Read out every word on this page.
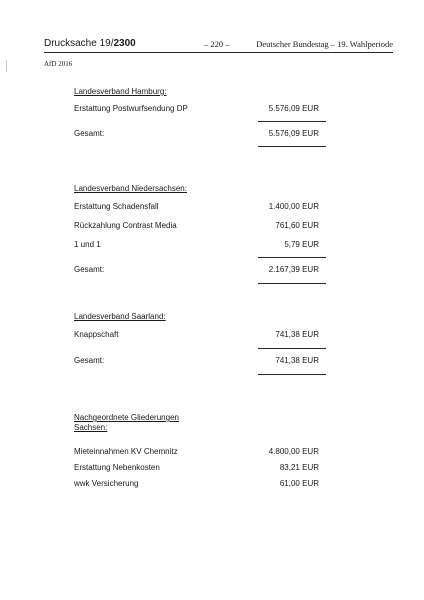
Drucksache 19/2300	– 220 –	Deutscher Bundestag – 19. Wahlperiode
AfD 2016
Landesverband Hamburg:
Erstattung Postwurfsendung DP	5.576,09 EUR
Gesamt:	5.576,09 EUR
Landesverband Niedersachsen:
Erstattung Schadensfall	1.400,00 EUR
Rückzahlung Contrast Media	761,60 EUR
1 und 1	5,79 EUR
Gesamt:	2.167,39 EUR
Landesverband Saarland:
Knappschaft	741,38 EUR
Gesamt:	741,38 EUR
Nachgeordnete Gliederungen
Sachsen:
Mieteinnahmen KV Chemnitz	4.800,00 EUR
Erstattung Nebenkosten	83,21 EUR
wwk Versicherung	61,00 EUR
